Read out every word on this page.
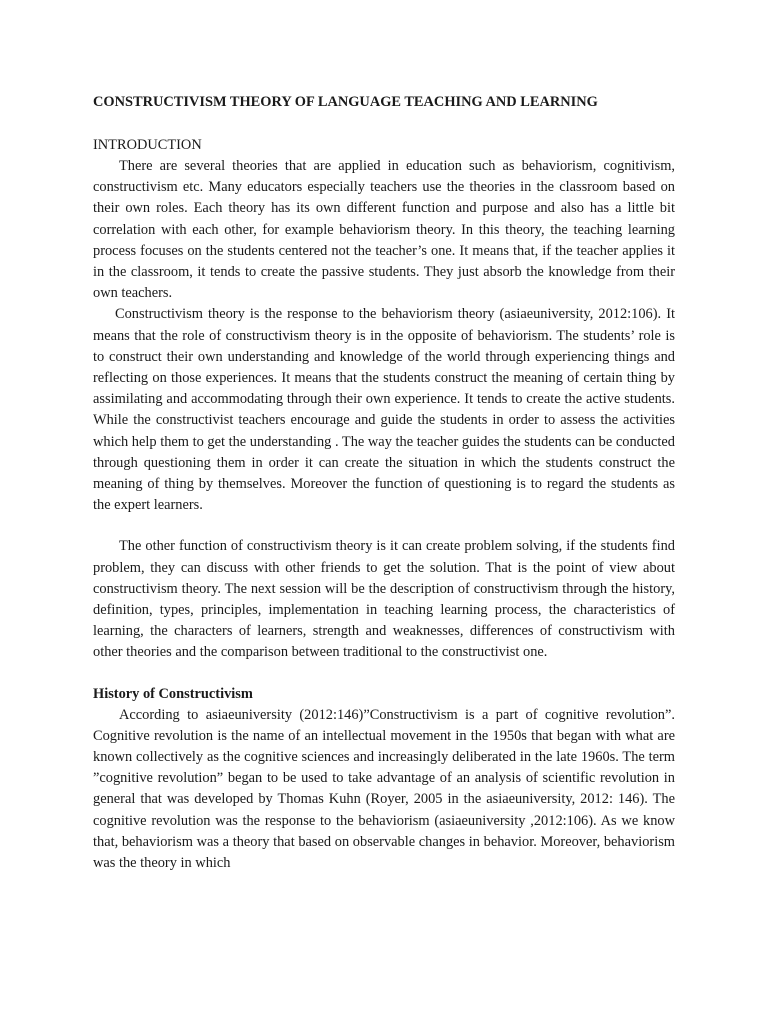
CONSTRUCTIVISM THEORY OF LANGUAGE TEACHING AND LEARNING

INTRODUCTION

There are several theories that are applied in education such as behaviorism, cognitivism, constructivism etc. Many educators especially teachers use the theories in the classroom based on their own roles. Each theory has its own different function and purpose and also has a little bit correlation with each other, for example behaviorism theory. In this theory, the teaching learning process focuses on the students centered not the teacher’s one. It means that, if the teacher applies it in the classroom, it tends to create the passive students. They just absorb the knowledge from their own teachers.

Constructivism theory is the response to the behaviorism theory (asiaeuniversity, 2012:106). It means that the role of constructivism theory is in the opposite of behaviorism. The students’ role is to construct their own understanding and knowledge of the world through experiencing things and reflecting on those experiences. It means that the students construct the meaning of certain thing by assimilating and accommodating through their own experience. It tends to create the active students. While the constructivist teachers encourage and guide the students in order to assess the activities which help them to get the understanding . The way the teacher guides the students can be conducted through questioning them in order it can create the situation in which the students construct the meaning of thing by themselves. Moreover the function of questioning is to regard the students as the expert learners.

The other function of constructivism theory is it can create problem solving, if the students find problem, they can discuss with other friends to get the solution. That is the point of view about constructivism theory. The next session will be the description of constructivism through the history, definition, types, principles, implementation in teaching learning process, the characteristics of learning, the characters of learners, strength and weaknesses, differences of constructivism with other theories and the comparison between traditional to the constructivist one.

History of Constructivism

According to asiaeuniversity (2012:146)”Constructivism is a part of cognitive revolution”. Cognitive revolution is the name of an intellectual movement in the 1950s that began with what are known collectively as the cognitive sciences and increasingly deliberated in the late 1960s. The term ”cognitive revolution” began to be used to take advantage of an analysis of scientific revolution in general that was developed by Thomas Kuhn (Royer, 2005 in the asiaeuniversity, 2012: 146). The cognitive revolution was the response to the behaviorism (asiaeuniversity ,2012:106). As we know that, behaviorism was a theory that based on observable changes in behavior. Moreover, behaviorism was the theory in which
